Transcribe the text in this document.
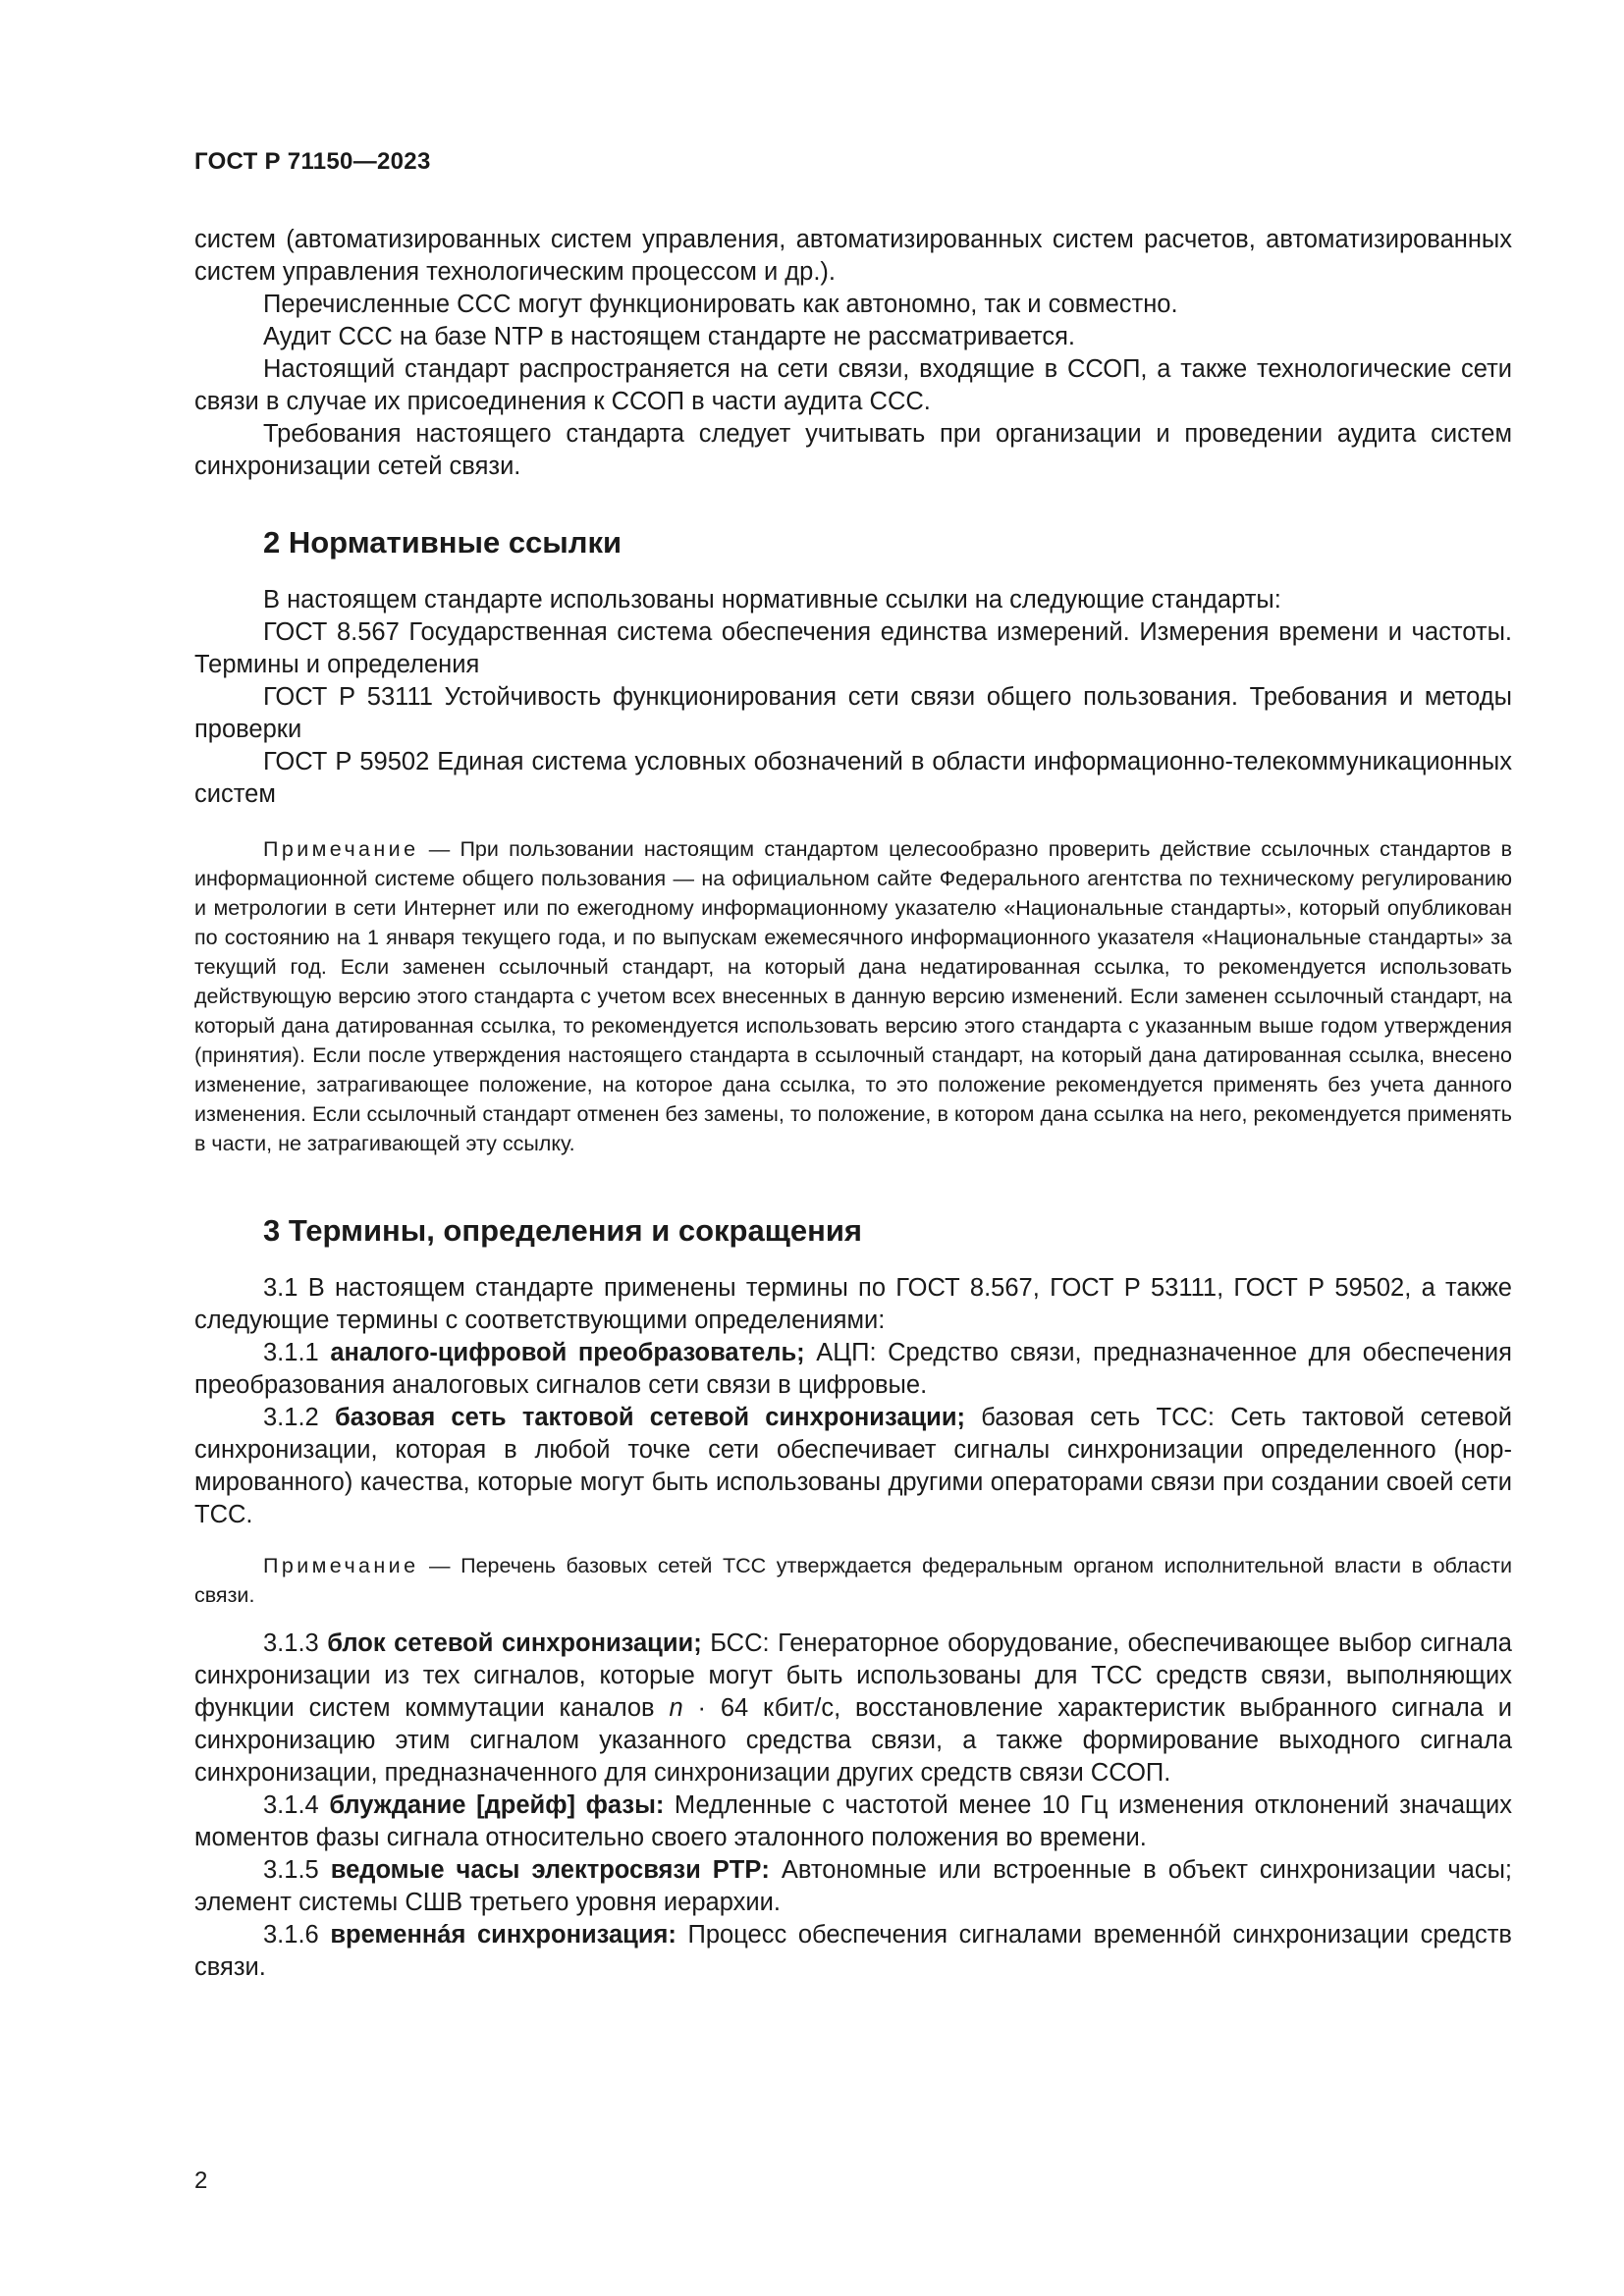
ГОСТ Р 71150—2023

систем (автоматизированных систем управления, автоматизированных систем расчетов, автоматизированных систем управления технологическим процессом и др.).

Перечисленные ССС могут функционировать как автономно, так и совместно.

Аудит ССС на базе NTP в настоящем стандарте не рассматривается.

Настоящий стандарт распространяется на сети связи, входящие в ССОП, а также технологические сети связи в случае их присоединения к ССОП в части аудита ССС.

Требования настоящего стандарта следует учитывать при организации и проведении аудита систем синхронизации сетей связи.

2 Нормативные ссылки

В настоящем стандарте использованы нормативные ссылки на следующие стандарты:

ГОСТ 8.567 Государственная система обеспечения единства измерений. Измерения времени и частоты. Термины и определения

ГОСТ Р 53111 Устойчивость функционирования сети связи общего пользования. Требования и методы проверки

ГОСТ Р 59502 Единая система условных обозначений в области информационно-телекоммуникационных систем

Примечание — При пользовании настоящим стандартом целесообразно проверить действие ссылочных стандартов в информационной системе общего пользования — на официальном сайте Федерального агентства по техническому регулированию и метрологии в сети Интернет или по ежегодному информационному указателю «Национальные стандарты», который опубликован по состоянию на 1 января текущего года, и по выпускам ежемесячного информационного указателя «Национальные стандарты» за текущий год. Если заменен ссылочный стандарт, на который дана недатированная ссылка, то рекомендуется использовать действующую версию этого стандарта с учетом всех внесенных в данную версию изменений. Если заменен ссылочный стандарт, на который дана датированная ссылка, то рекомендуется использовать версию этого стандарта с указанным выше годом утверждения (принятия). Если после утверждения настоящего стандарта в ссылочный стандарт, на который дана датированная ссылка, внесено изменение, затрагивающее положение, на которое дана ссылка, то это положение рекомендуется применять без учета данного изменения. Если ссылочный стандарт отменен без замены, то положение, в котором дана ссылка на него, рекомендуется применять в части, не затрагивающей эту ссылку.

3 Термины, определения и сокращения

3.1 В настоящем стандарте применены термины по ГОСТ 8.567, ГОСТ Р 53111, ГОСТ Р 59502, а также следующие термины с соответствующими определениями:

3.1.1 аналого-цифровой преобразователь; АЦП: Средство связи, предназначенное для обеспечения преобразования аналоговых сигналов сети связи в цифровые.

3.1.2 базовая сеть тактовой сетевой синхронизации; базовая сеть ТСС: Сеть тактовой сетевой синхронизации, которая в любой точке сети обеспечивает сигналы синхронизации определенного (нормированного) качества, которые могут быть использованы другими операторами связи при создании своей сети ТСС.

Примечание — Перечень базовых сетей ТСС утверждается федеральным органом исполнительной власти в области связи.

3.1.3 блок сетевой синхронизации; БСС: Генераторное оборудование, обеспечивающее выбор сигнала синхронизации из тех сигналов, которые могут быть использованы для ТСС средств связи, выполняющих функции систем коммутации каналов n · 64 кбит/с, восстановление характеристик выбранного сигнала и синхронизацию этим сигналом указанного средства связи, а также формирование выходного сигнала синхронизации, предназначенного для синхронизации других средств связи ССОП.

3.1.4 блуждание [дрейф] фазы: Медленные с частотой менее 10 Гц изменения отклонений значащих моментов фазы сигнала относительно своего эталонного положения во времени.

3.1.5 ведомые часы электросвязи PTP: Автономные или встроенные в объект синхронизации часы; элемент системы СШВ третьего уровня иерархии.

3.1.6 временнáя синхронизация: Процесс обеспечения сигналами временнóй синхронизации средств связи.

2
